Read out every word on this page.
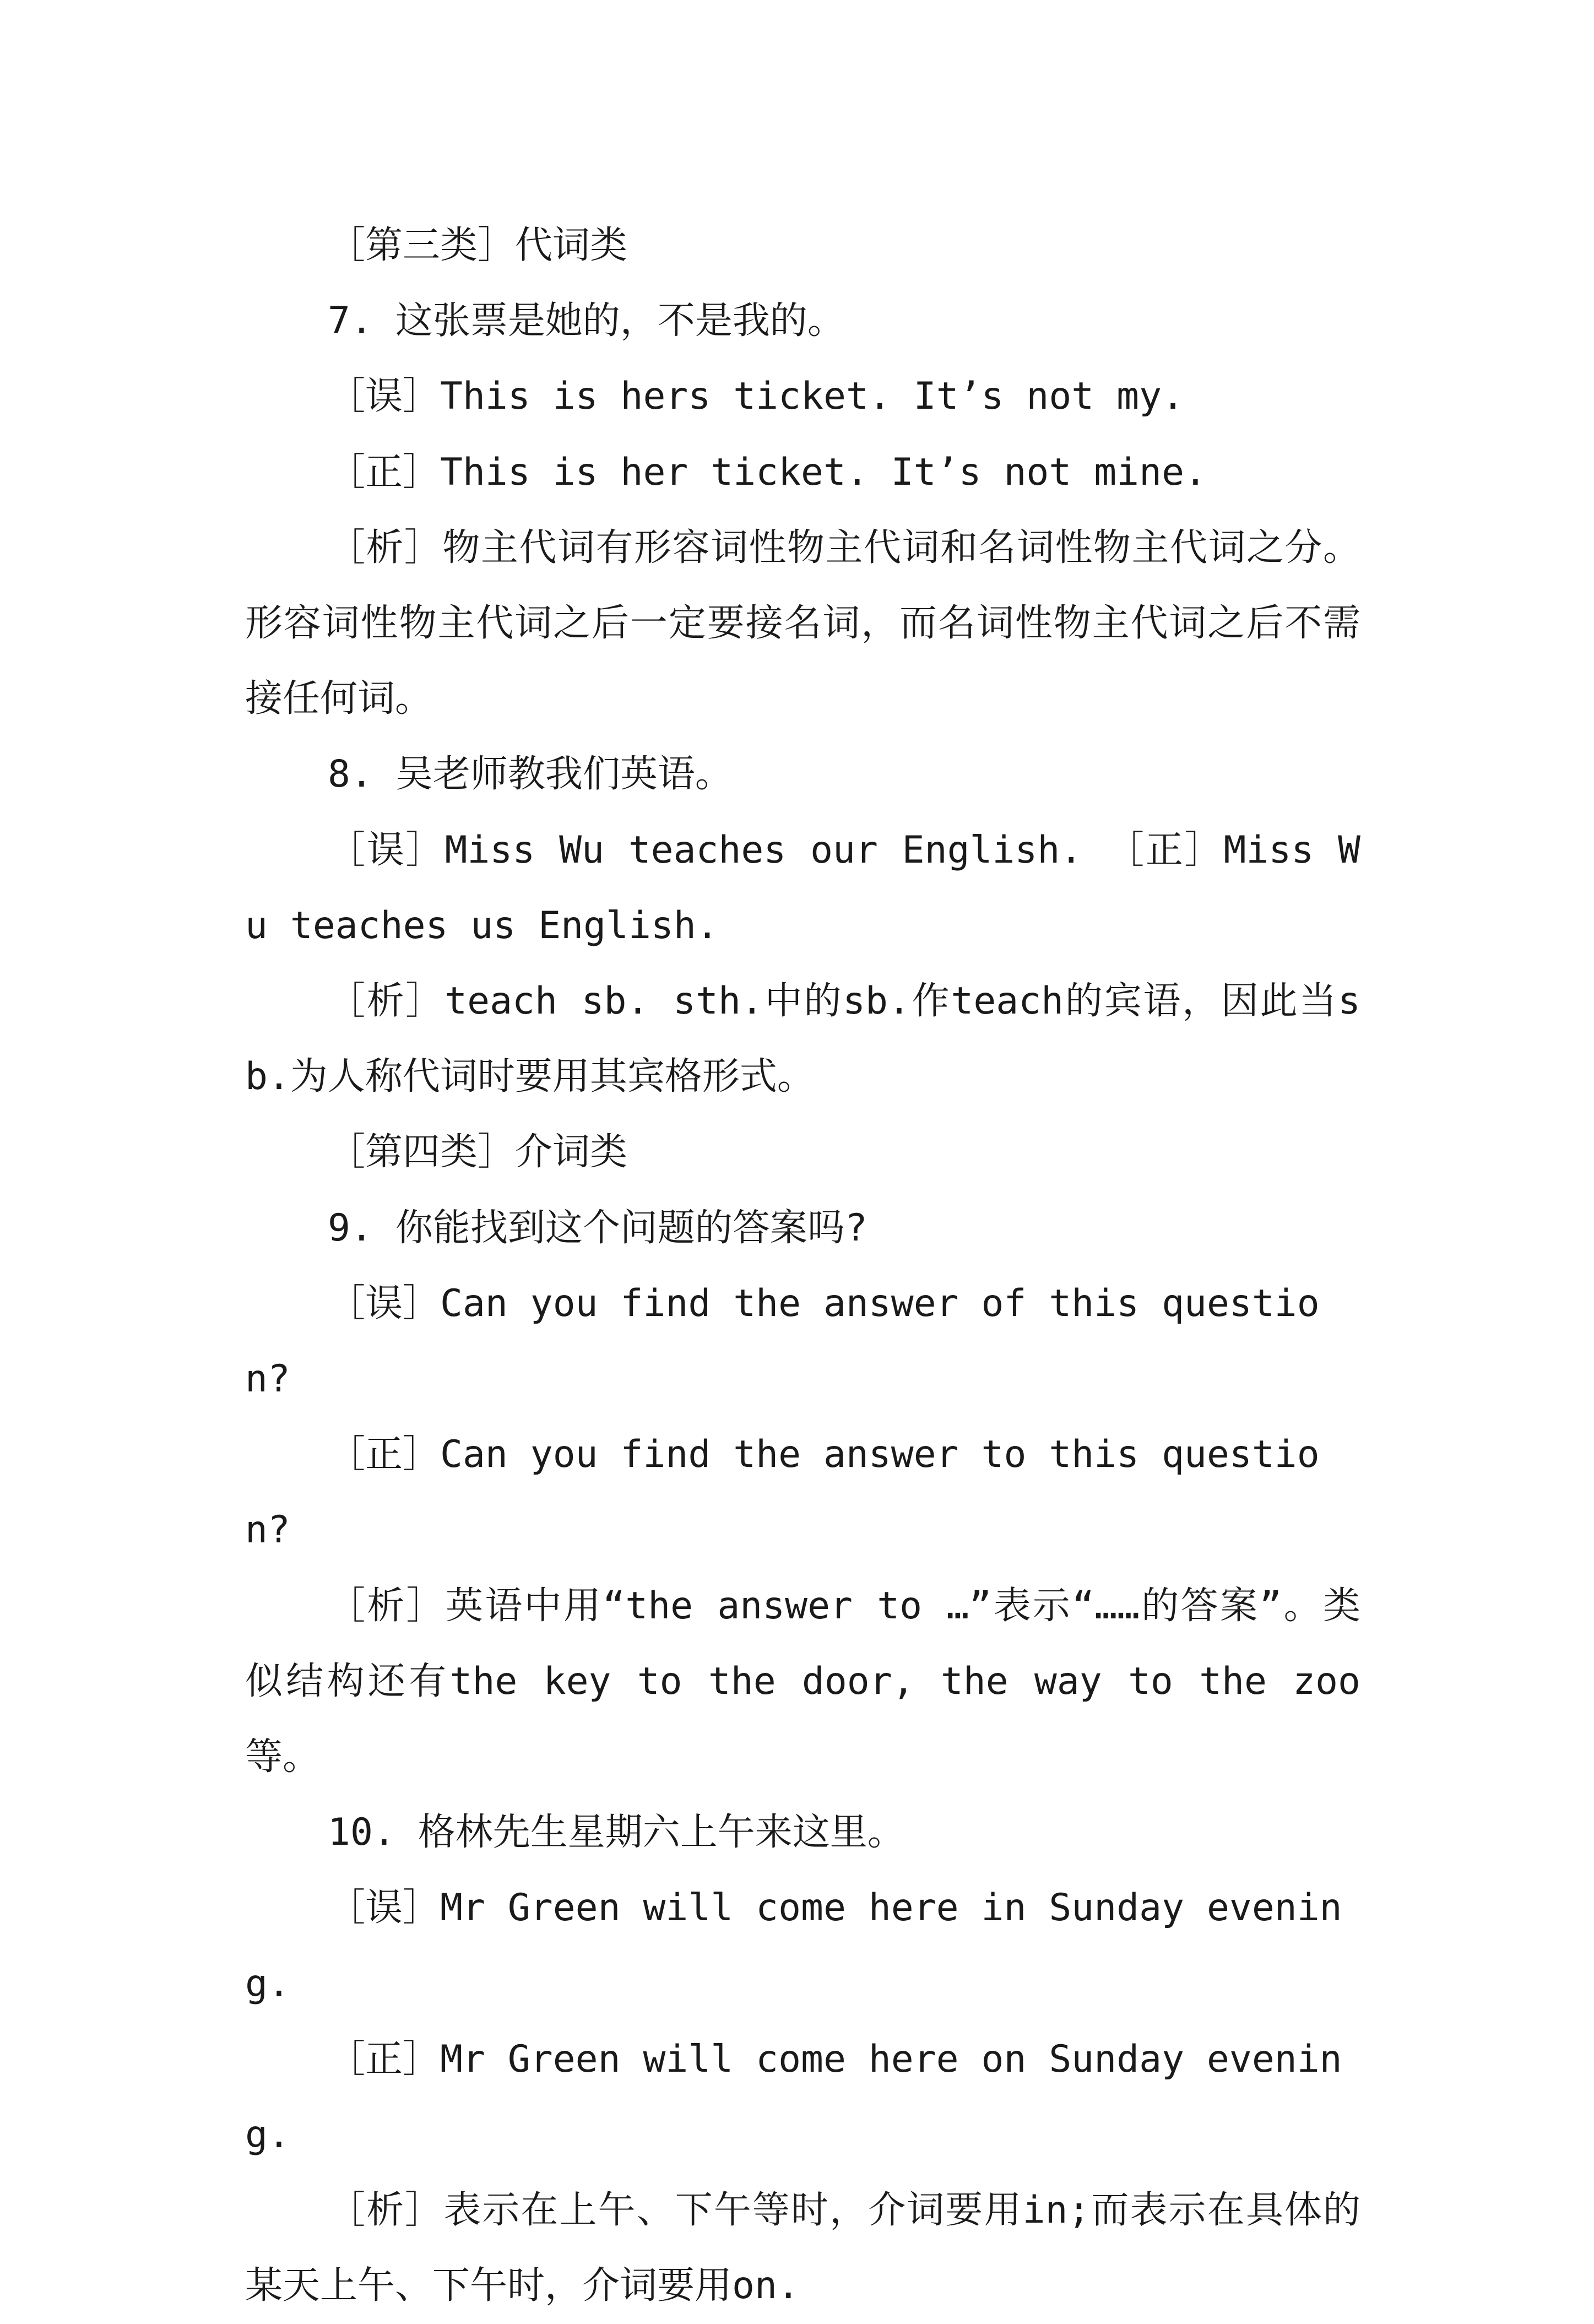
［第三类］代词类

7. 这张票是她的，不是我的。

［误］This is hers ticket. It’s not my.

［正］This is her ticket. It’s not mine.

［析］物主代词有形容词性物主代词和名词性物主代词之分。形容词性物主代词之后一定要接名词，而名词性物主代词之后不需接任何词。

8. 吴老师教我们英语。

［误］Miss Wu teaches our English. ［正］Miss Wu teaches us English.

［析］teach sb. sth.中的sb.作teach的宾语，因此当sb.为人称代词时要用其宾格形式。

［第四类］介词类

9. 你能找到这个问题的答案吗?

［误］Can you find the answer of this question?

［正］Can you find the answer to this question?

［析］英语中用“the answer to …”表示“……的答案”。类似结构还有the key to the door, the way to the zoo等。

10. 格林先生星期六上午来这里。

［误］Mr Green will come here in Sunday evening.

［正］Mr Green will come here on Sunday evening.

［析］表示在上午、下午等时，介词要用in;而表示在具体的某天上午、下午时，介词要用on.
